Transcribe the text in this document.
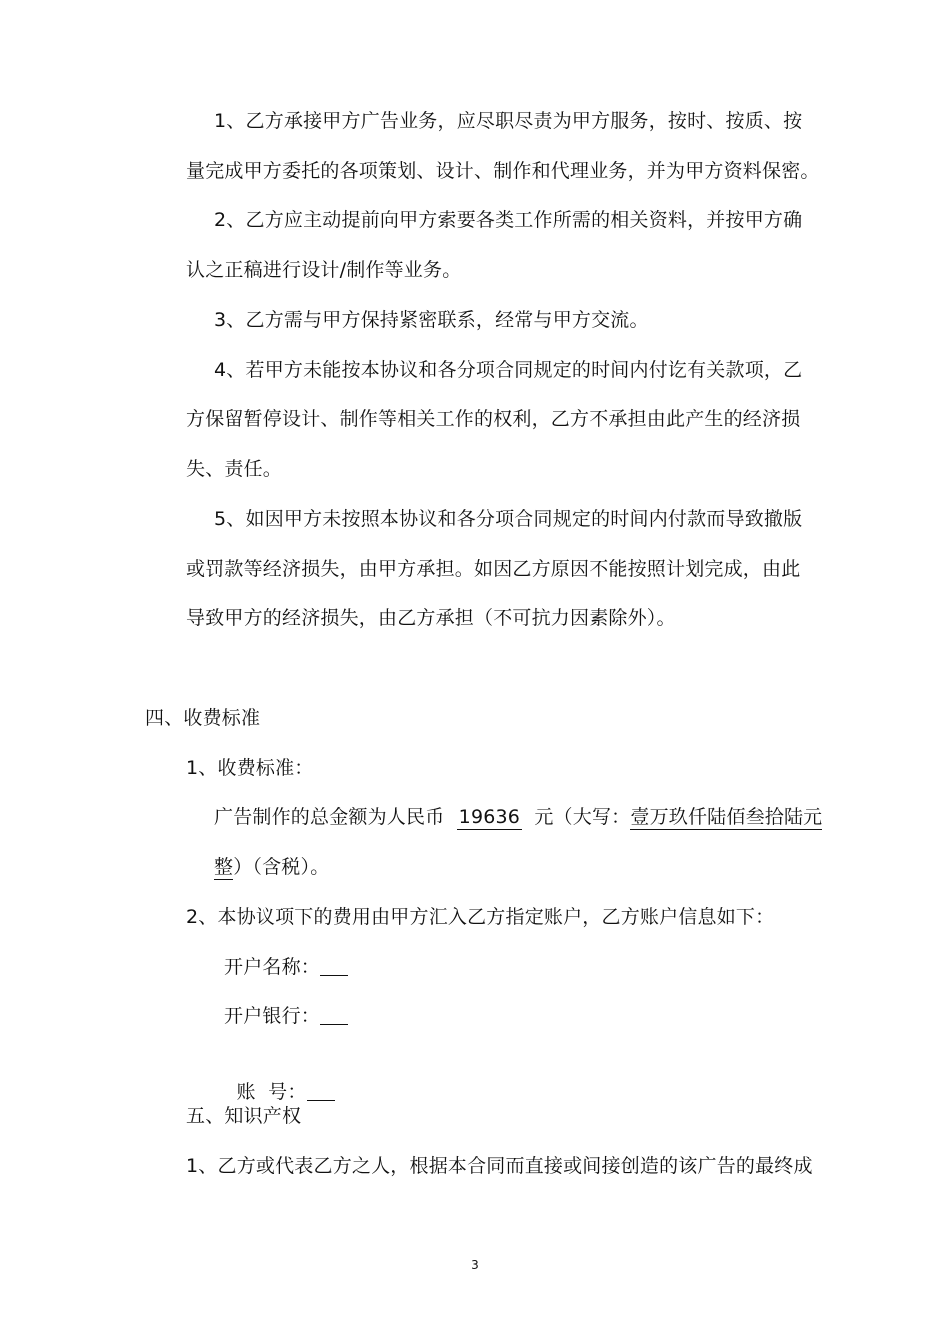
1、乙方承接甲方广告业务，应尽职尽责为甲方服务，按时、按质、按
量完成甲方委托的各项策划、设计、制作和代理业务，并为甲方资料保密。
2、乙方应主动提前向甲方索要各类工作所需的相关资料，并按甲方确
认之正稿进行设计/制作等业务。
3、乙方需与甲方保持紧密联系，经常与甲方交流。
4、若甲方未能按本协议和各分项合同规定的时间内付讫有关款项，乙
方保留暂停设计、制作等相关工作的权利，乙方不承担由此产生的经济损
失、责任。
5、如因甲方未按照本协议和各分项合同规定的时间内付款而导致撤版
或罚款等经济损失，由甲方承担。如因乙方原因不能按照计划完成，由此
导致甲方的经济损失，由乙方承担（不可抗力因素除外）。
四、收费标准
1、收费标准：
广告制作的总金额为人民币 19636 元（大写：壹万玖仟陆佰叁拾陆元
整）（含税）。
2、本协议项下的费用由甲方汇入乙方指定账户，乙方账户信息如下：
开户名称：
开户银行：

账  号：

五、知识产权
1、乙方或代表乙方之人，根据本合同而直接或间接创造的该广告的最终成
3
